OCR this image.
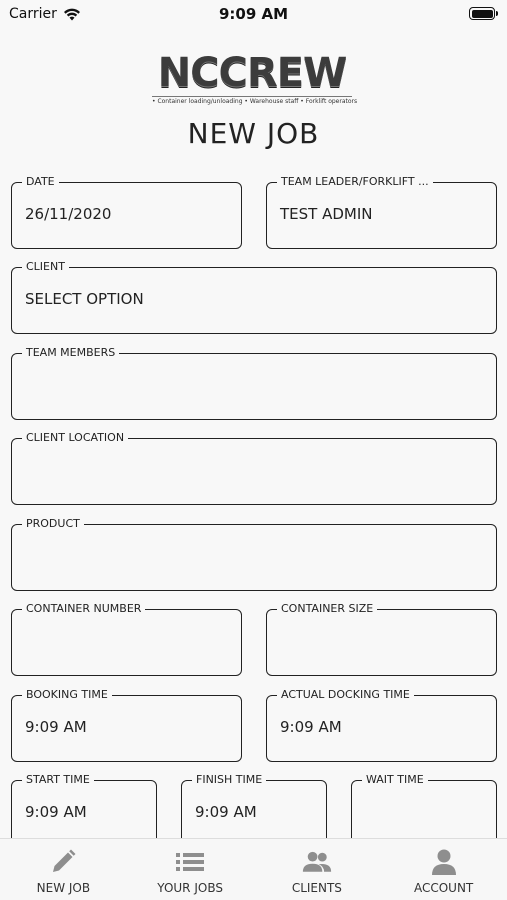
Carrier	9:09 AM
NCCREW
• Container loading/unloading • Warehouse staff • Forklift operators
NEW JOB
DATE
26/11/2020
TEAM LEADER/FORKLIFT ...
TEST ADMIN
CLIENT
SELECT OPTION
TEAM MEMBERS
CLIENT LOCATION
PRODUCT
CONTAINER NUMBER	CONTAINER SIZE
BOOKING TIME
9:09 AM
ACTUAL DOCKING TIME
9:09 AM
START TIME
9:09 AM
FINISH TIME
9:09 AM
WAIT TIME
NEW JOB	YOUR JOBS	CLIENTS	ACCOUNT
